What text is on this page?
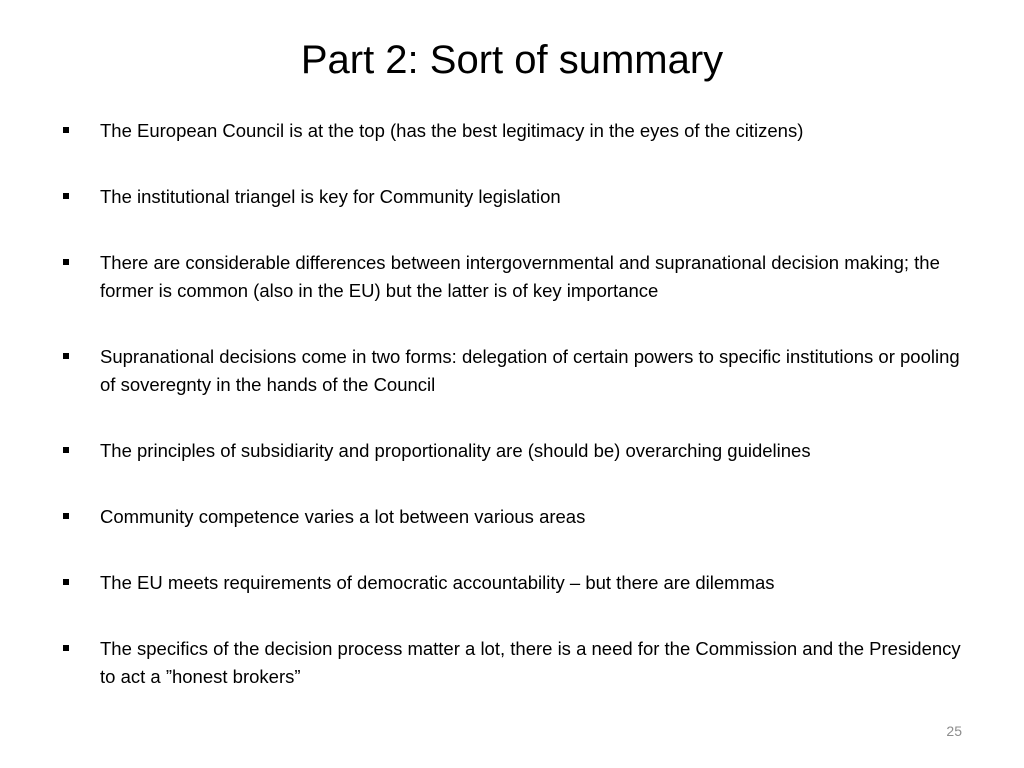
Part 2: Sort of summary
The European Council is at the top (has the best legitimacy in the eyes of the citizens)
The institutional triangel is key for Community legislation
There are considerable differences between intergovernmental and supranational decision making; the former is common (also in the EU) but the latter is of key importance
Supranational decisions come in two forms: delegation of certain powers to specific institutions or pooling of soveregnty in the hands of the Council
The principles of subsidiarity and proportionality are (should be) overarching guidelines
Community competence varies a lot between various areas
The EU meets requirements of democratic accountability – but there are dilemmas
The specifics of the decision process matter a lot, there is a need for the Commission and the Presidency to act a ”honest brokers”
25
